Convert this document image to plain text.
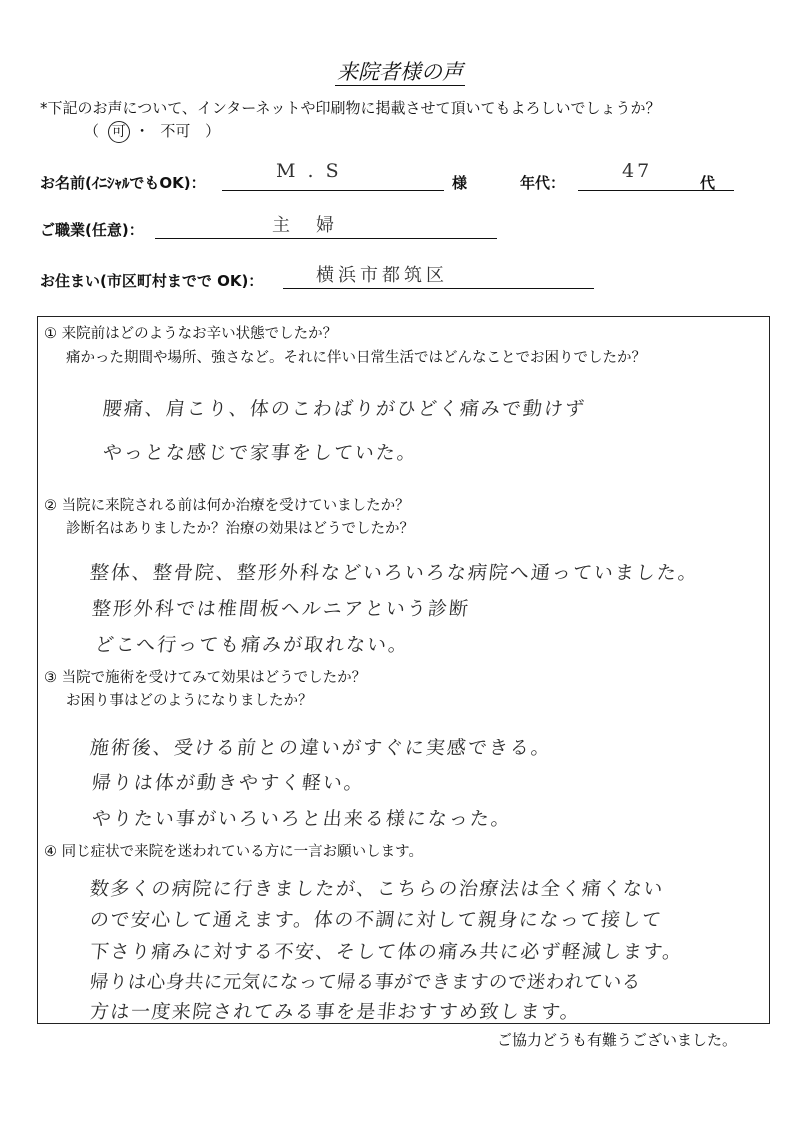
来院者様の声
*下記のお声について、インターネットや印刷物に掲載させて頂いてもよろしいでしょうか？
（ 可 ・ 不可 ）
お名前(ｲﾆｼｬﾙでもOK)：
M . S
様	年代：
47
代
ご職業(任意)：	主　婦
お住まい(市区町村までで OK)：	横浜市都筑区
① 来院前はどのようなお辛い状態でしたか？
痛かった期間や場所、強さなど。それに伴い日常生活ではどんなことでお困りでしたか？
腰痛、肩こり、体のこわばりがひどく痛みで動けず
やっとな感じで家事をしていた。
② 当院に来院される前は何か治療を受けていましたか？
診断名はありましたか？治療の効果はどうでしたか？
整体、整骨院、整形外科などいろいろな病院へ通っていました。
整形外科では椎間板ヘルニアという診断
どこへ行っても痛みが取れない。
③ 当院で施術を受けてみて効果はどうでしたか？
お困り事はどのようになりましたか？
施術後、受ける前との違いがすぐに実感できる。
帰りは体が動きやすく軽い。
やりたい事がいろいろと出来る様になった。
④ 同じ症状で来院を迷われている方に一言お願いします。
数多くの病院に行きましたが、こちらの治療法は全く痛くない
ので安心して通えます。体の不調に対して親身になって接して
下さり痛みに対する不安、そして体の痛み共に必ず軽減します。
帰りは心身共に元気になって帰る事ができますので迷われている
方は一度来院されてみる事を是非おすすめ致します。
ご協力どうも有難うございました。
